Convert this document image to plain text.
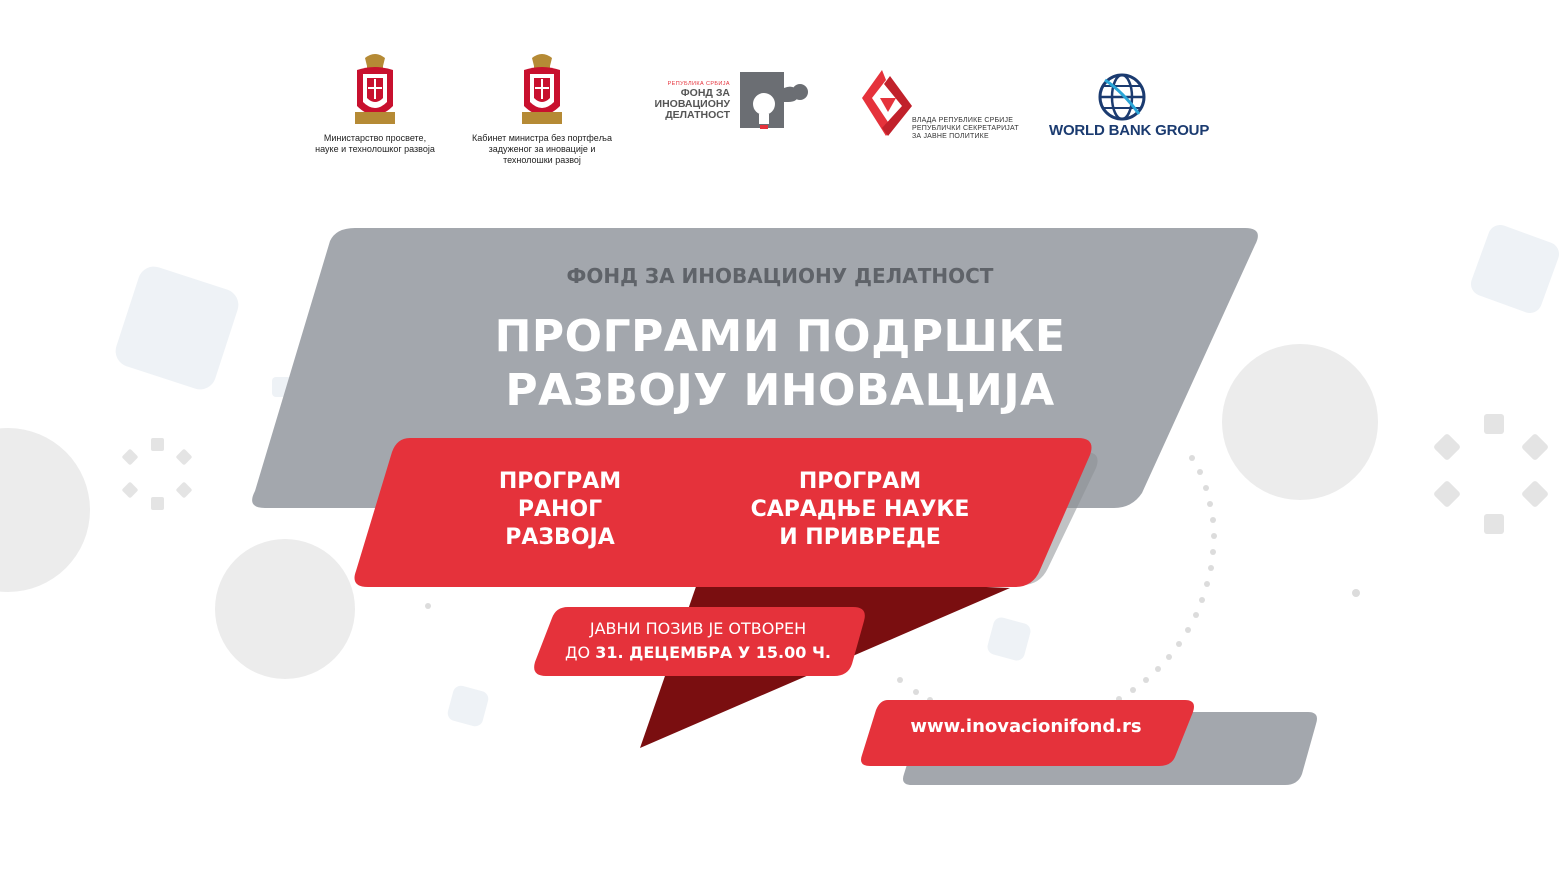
Министарство просвете,
науке и технолошког развоја
Кабинет министра без портфеља
задуженог за иновације и
технолошки развој
РЕПУБЛИКА СРБИЈА
ФОНД ЗА
ИНОВАЦИОНУ
ДЕЛАТНОСТ	ВЛАДА РЕПУБЛИКЕ СРБИЈЕ
РЕПУБЛИЧКИ СЕКРЕТАРИЈАТ
ЗА ЈАВНЕ ПОЛИТИКЕ	WORLD BANK GROUP
ФОНД ЗА ИНОВАЦИОНУ ДЕЛАТНОСТ
ПРОГРАМИ ПОДРШКЕ
РАЗВОЈУ ИНОВАЦИЈА
ПРОГРАМ
РАНОГ
РАЗВОЈА
ПРОГРАМ
САРАДЊЕ НАУКЕ
И ПРИВРЕДЕ
ЈАВНИ ПОЗИВ ЈЕ ОТВОРЕН
ДО 31. ДЕЦЕМБРА У 15.00 Ч.
www.inovacionifond.rs
